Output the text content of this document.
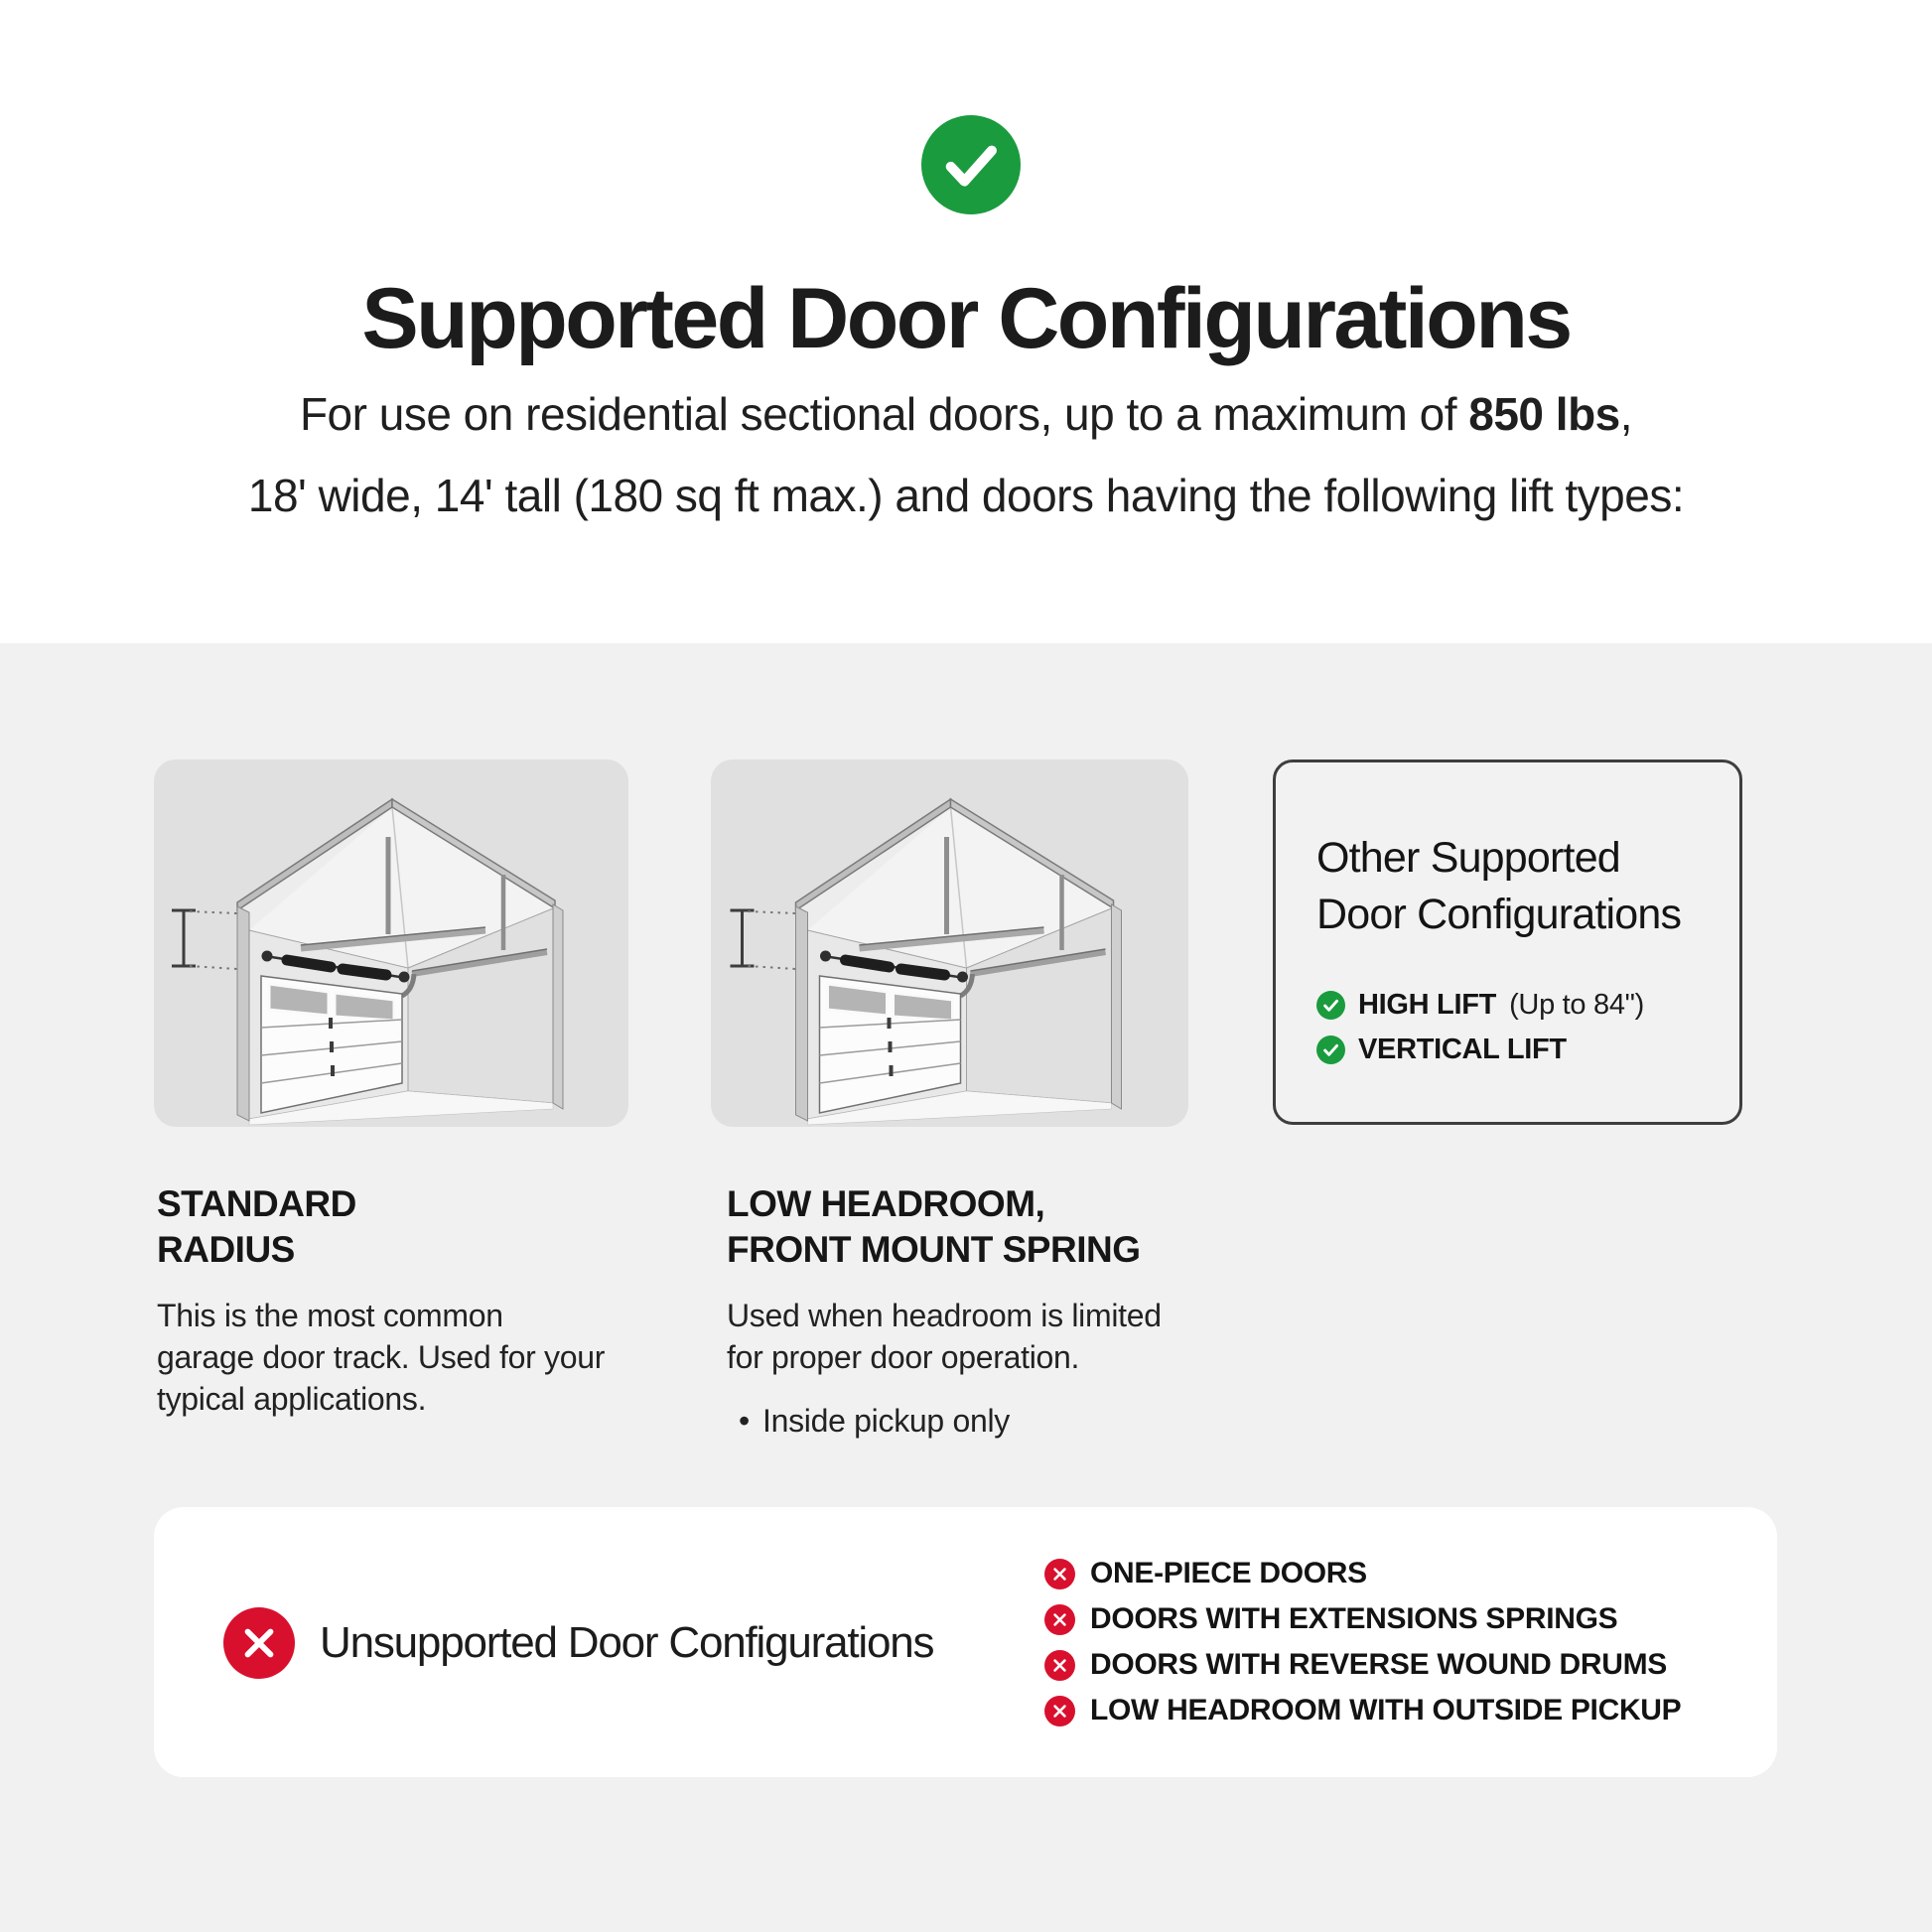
Supported Door Configurations
For use on residential sectional doors, up to a maximum of 850 lbs,
18' wide, 14' tall (180 sq ft max.) and doors having the following lift types:
Other Supported
Door Configurations
HIGH LIFT (Up to 84")
VERTICAL LIFT
STANDARD
RADIUS
This is the most common garage door track. Used for your typical applications.
LOW HEADROOM,
FRONT MOUNT SPRING
Used when headroom is limited for proper door operation.
• Inside pickup only
Unsupported Door Configurations
ONE-PIECE DOORS
DOORS WITH EXTENSIONS SPRINGS
DOORS WITH REVERSE WOUND DRUMS
LOW HEADROOM WITH OUTSIDE PICKUP
